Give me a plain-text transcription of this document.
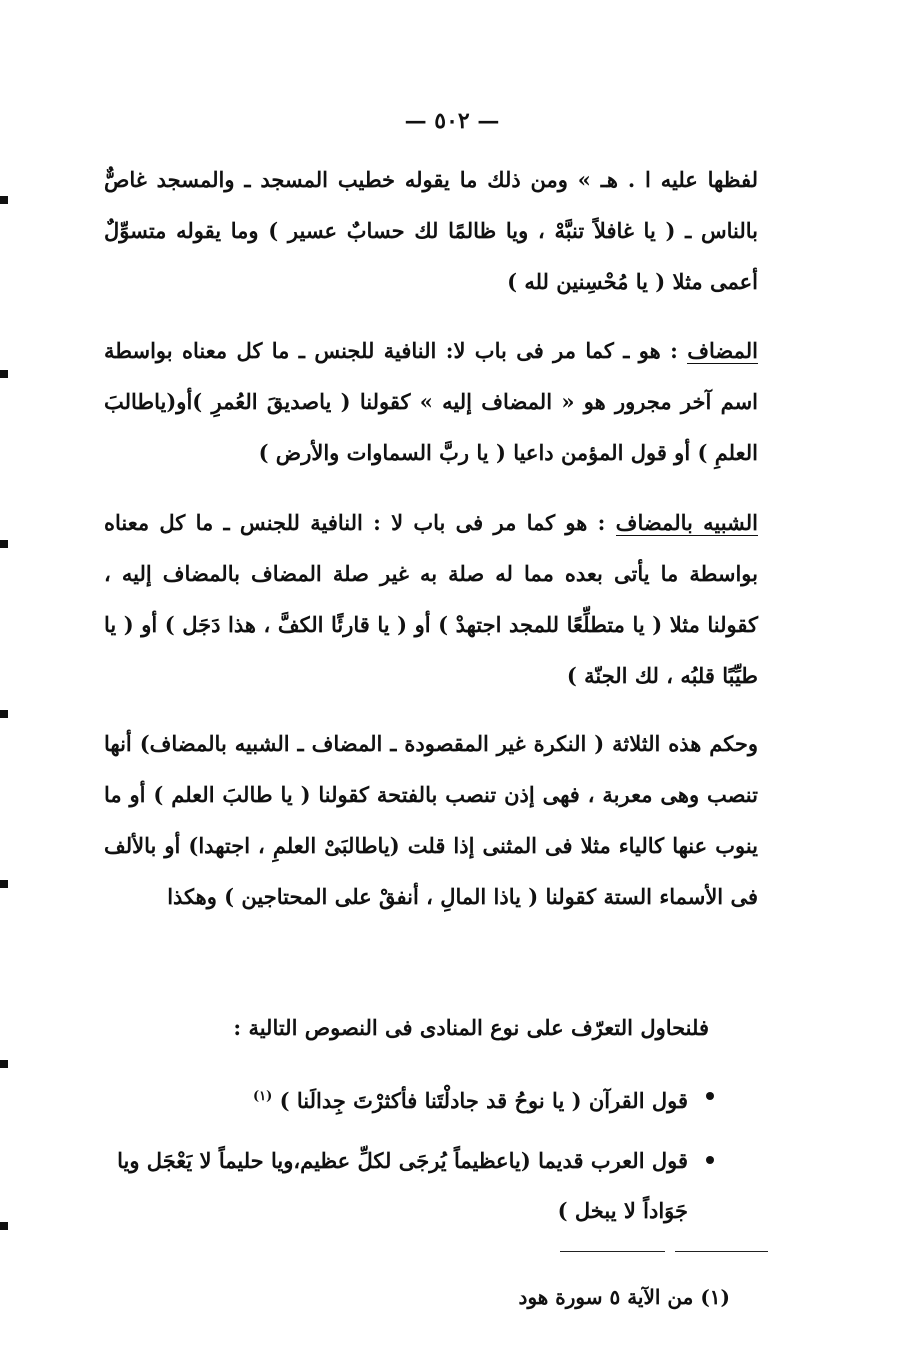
— ٥٠٢ —

لفظها عليه ا . هـ » ومن ذلك ما يقوله خطيب المسجد ـ والمسجد غاصٌّ بالناس ـ ( يا غافلاً تنبَّهْ ، ويا ظالمًا لك حسابٌ عسير ) وما يقوله متسوِّلٌ أعمى مثلا ( يا مُحْسِنين لله )

المضاف : هو ـ كما مر فى باب لا: النافية للجنس ـ ما كل معناه بواسطة اسم آخر مجرور هو « المضاف إليه » كقولنا ( ياصديقَ العُمرِ )أو(ياطالبَ العلمِ ) أو قول المؤمن داعيا ( يا ربَّ السماوات والأرض )

الشبيه بالمضاف : هو كما مر فى باب لا : النافية للجنس ـ ما كل معناه بواسطة ما يأتى بعده مما له صلة به غير صلة المضاف بالمضاف إليه ، كقولنا مثلا ( يا متطلِّعًا للمجد اجتهدْ ) أو ( يا قارئًا الكفَّ ، هذا دَجَل ) أو ( يا طيِّبًا قلبُه ، لك الجنّة )

وحكم هذه الثلاثة ( النكرة غير المقصودة ـ المضاف ـ الشبيه بالمضاف) أنها تنصب وهى معربة ، فهى إذن تنصب بالفتحة كقولنا ( يا طالبَ العلم ) أو ما ينوب عنها كالياء مثلا فى المثنى إذا قلت (ياطالبَىْ العلمِ ، اجتهدا) أو بالألف فى الأسماء الستة كقولنا ( ياذا المالِ ، أنفقْ على المحتاجين ) وهكذا

فلنحاول التعرّف على نوع المنادى فى النصوص التالية :
قول القرآن ( يا نوحُ قد جادلْتَنا فأكثرْتَ جِدالَنا ) $^{(١)}$
قول العرب قديما (ياعظيماً يُرجَى لكلِّ عظيم،ويا حليماً لا يَعْجَل ويا جَوَاداً لا يبخل )
(١) من الآية ٥ سورة هود
